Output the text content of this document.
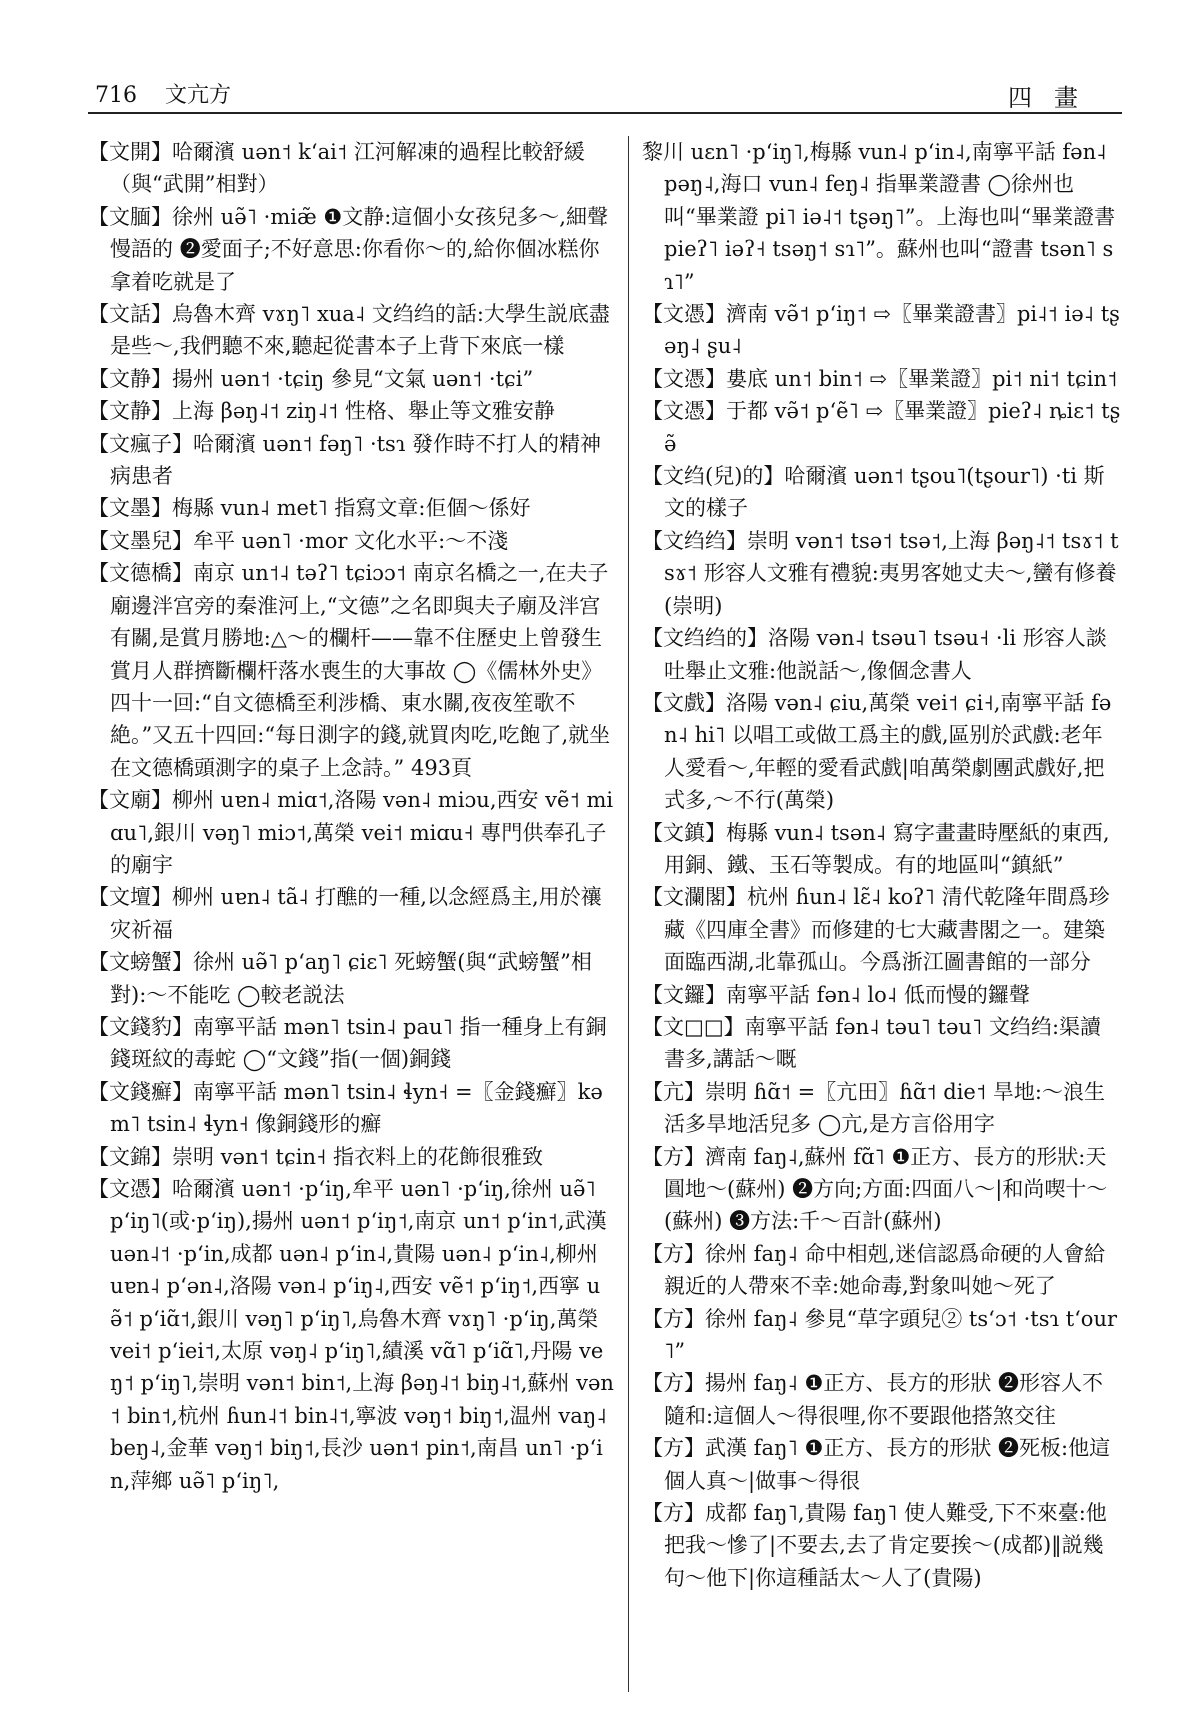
716 文亢方	四畫

【文開】哈爾濱 uən˦ kʻai˦ 江河解凍的過程比較舒緩（與“武開”相對）

【文腼】徐州 uə̃˥ ·miæ̃ ❶文静:這個小女孩兒多～,細聲慢語的 ❷愛面子;不好意思:你看你～的,給你個冰糕你拿着吃就是了

【文話】烏魯木齊 vɤŋ˥ xua˨ 文绉绉的話:大學生説底盡是些～,我們聽不來,聽起從書本子上背下來底一樣

【文静】揚州 uən˦ ·tɕiŋ 參見“文氣 uən˦ ·tɕi”

【文静】上海 βəŋ˨˦ ziŋ˨˦ 性格、舉止等文雅安静

【文瘋子】哈爾濱 uən˦ fəŋ˥ ·tsɿ 發作時不打人的精神病患者

【文墨】梅縣 vun˨ met˥ 指寫文章:佢個～係好

【文墨兒】牟平 uən˥ ·mor 文化水平:～不淺

【文德橋】南京 un˦˨ təʔ˥ tɕiɔɔ˦ 南京名橋之一,在夫子廟邊泮宫旁的秦淮河上,“文德”之名即與夫子廟及泮宫有關,是賞月勝地:△～的欄杆——靠不住歷史上曾發生賞月人群擠斷欄杆落水喪生的大事故 ◯《儒林外史》四十一回:“自文德橋至利涉橋、東水關,夜夜笙歌不絶。”又五十四回:“每日測字的錢,就買肉吃,吃飽了,就坐在文德橋頭測字的桌子上念詩。” 493頁

【文廟】柳州 uɐn˨ miɑ˦,洛陽 vən˨ miɔu,西安 vẽ˦ miɑu˥,銀川 vəŋ˥ miɔ˦,萬榮 vei˦ miɑu˧ 專門供奉孔子的廟宇

【文壇】柳州 uɐn˨ tã˨ 打醮的一種,以念經爲主,用於禳灾祈福

【文螃蟹】徐州 uə̃˥ pʻaŋ˥ ɕiɛ˥ 死螃蟹(與“武螃蟹”相對):～不能吃 ◯較老説法

【文錢豹】南寧平話 mən˥ tsin˨ pau˥ 指一種身上有銅錢斑紋的毒蛇 ◯“文錢”指(一個)銅錢

【文錢癬】南寧平話 mən˥ tsin˨ ɬyn˧ =〖金錢癬〗kəm˥ tsin˨ ɬyn˧ 像銅錢形的癬

【文錦】崇明 vən˦ tɕin˧ 指衣料上的花飾很雅致

【文憑】哈爾濱 uən˦ ·pʻiŋ,牟平 uən˥ ·pʻiŋ,徐州 uə̃˥ pʻiŋ˥(或·pʻiŋ),揚州 uən˦ pʻiŋ˦,南京 un˦ pʻin˦,武漢 uən˨˦ ·pʻin,成都 uən˨ pʻin˨,貴陽 uən˨ pʻin˨,柳州 uɐn˨ pʻən˨,洛陽 vən˨ pʻiŋ˨,西安 vẽ˦ pʻiŋ˦,西寧 uə̃˦ pʻiɑ̃˦,銀川 vəŋ˥ pʻiŋ˥,烏魯木齊 vɤŋ˥ ·pʻiŋ,萬榮 vei˦ pʻiei˦,太原 vəŋ˨ pʻiŋ˥,績溪 vɑ̃˥ pʻiɑ̃˥,丹陽 veŋ˦ pʻiŋ˥,崇明 vən˦ bin˦,上海 βəŋ˨˦ biŋ˨˦,蘇州 vən˦ bin˦,杭州 ɦun˨˦ bin˨˦,寧波 vəŋ˦ biŋ˦,温州 vaŋ˨ beŋ˨,金華 vəŋ˦ biŋ˦,長沙 uən˦ pin˦,南昌 un˥ ·pʻin,萍鄉 uə̃˥ pʻiŋ˥,

黎川 uɛn˥ ·pʻiŋ˥,梅縣 vun˨ pʻin˨,南寧平話 fən˨ pəŋ˨,海口 vun˨ feŋ˨ 指畢業證書 ◯徐州也叫“畢業證 pi˥ iə˨˦ tʂəŋ˥”。上海也叫“畢業證書 pieʔ˥ iəʔ˧ tsəŋ˦ sɿ˥”。蘇州也叫“證書 tsən˥ sɿ˥”

【文憑】濟南 və̃˦ pʻiŋ˦ ⇨〖畢業證書〗pi˨˦ iə˨ tʂəŋ˨ ʂu˨

【文憑】婁底 un˦ bin˦ ⇨〖畢業證〗pi˦ ni˦ tɕin˦

【文憑】于都 və̃˦ pʻẽ˥ ⇨〖畢業證〗pieʔ˨ ȵiɛ˦ tʂə̃

【文绉(兒)的】哈爾濱 uən˦ tʂou˥(tʂour˥) ·ti 斯文的樣子

【文绉绉】崇明 vən˦ tsə˦ tsə˦,上海 βəŋ˨˦ tsɤ˦ tsɤ˦ 形容人文雅有禮貌:夷男客她丈夫～,蠻有修養(崇明)

【文绉绉的】洛陽 vən˨ tsəu˥ tsəu˧ ·li 形容人談吐舉止文雅:他説話～,像個念書人

【文戲】洛陽 vən˨ ɕiu,萬榮 vei˦ ɕi˧,南寧平話 fən˨ hi˥ 以唱工或做工爲主的戲,區别於武戲:老年人愛看～,年輕的愛看武戲|咱萬榮劇團武戲好,把式多,～不行(萬榮)

【文鎮】梅縣 vun˨ tsən˨ 寫字畫畫時壓紙的東西,用銅、鐵、玉石等製成。有的地區叫“鎮紙”

【文瀾閣】杭州 ɦun˨ lɛ̃˨ koʔ˥ 清代乾隆年間爲珍藏《四庫全書》而修建的七大藏書閣之一。建築面臨西湖,北靠孤山。今爲浙江圖書館的一部分

【文鑼】南寧平話 fən˨ lo˨ 低而慢的鑼聲

【文□□】南寧平話 fən˨ təu˥ təu˥ 文绉绉:渠讀書多,講話～嘅

【亢】崇明 ɦɑ̃˦ =〖亢田〗ɦɑ̃˦ die˦ 旱地:～浪生活多旱地活兒多 ◯亢,是方言俗用字

【方】濟南 faŋ˨,蘇州 fɑ̃˥ ❶正方、長方的形狀:天圓地～(蘇州) ❷方向;方面:四面八～|和尚喫十～(蘇州) ❸方法:千～百計(蘇州)

【方】徐州 faŋ˨ 命中相剋,迷信認爲命硬的人會給親近的人帶來不幸:她命毒,對象叫她～死了

【方】徐州 faŋ˨ 參見“草字頭兒② tsʻɔ˦ ·tsɿ tʻour˥”

【方】揚州 faŋ˨ ❶正方、長方的形狀 ❷形容人不隨和:這個人～得很哩,你不要跟他搭煞交往

【方】武漢 faŋ˥ ❶正方、長方的形狀 ❷死板:他這個人真～|做事～得很

【方】成都 faŋ˥,貴陽 faŋ˥ 使人難受,下不來臺:他把我～慘了|不要去,去了肯定要挨～(成都)‖説幾句～他下|你這種話太～人了(貴陽)
